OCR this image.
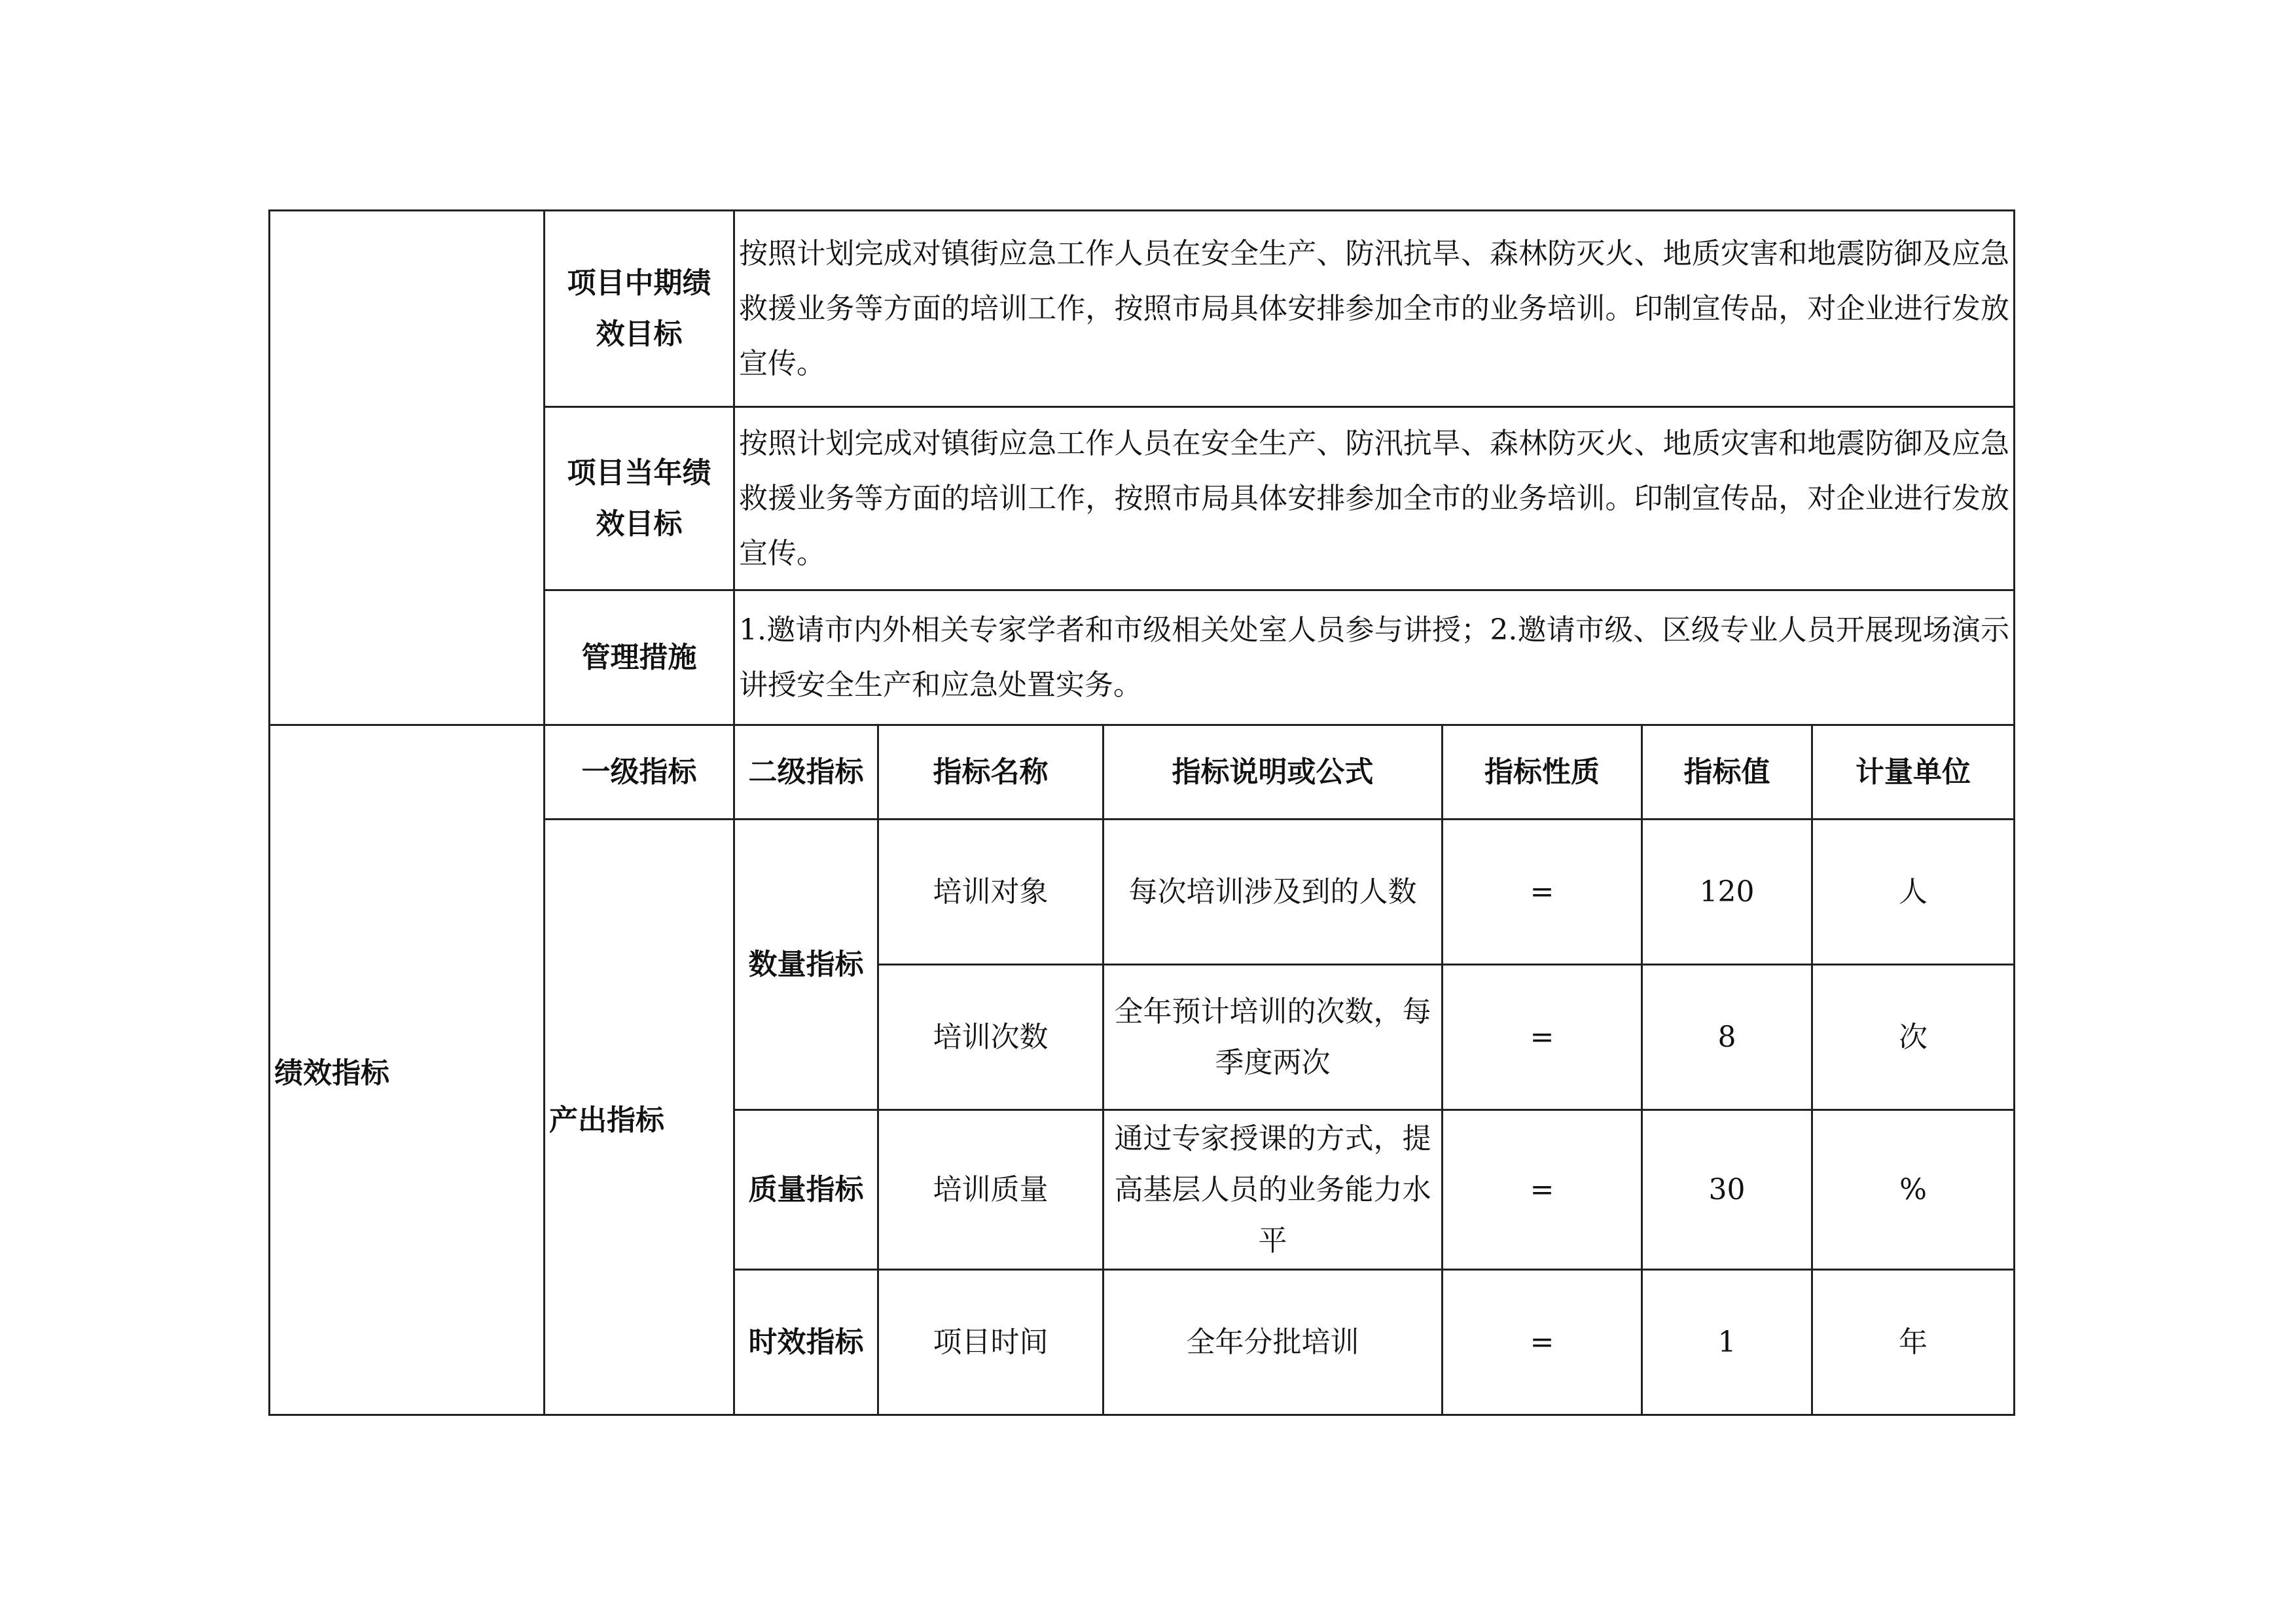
	项目中期绩效目标	按照计划完成对镇街应急工作人员在安全生产、防汛抗旱、森林防灭火、地质灾害和地震防御及应急救援业务等方面的培训工作，按照市局具体安排参加全市的业务培训。印制宣传品，对企业进行发放宣传。					
	项目当年绩效目标	按照计划完成对镇街应急工作人员在安全生产、防汛抗旱、森林防灭火、地质灾害和地震防御及应急救援业务等方面的培训工作，按照市局具体安排参加全市的业务培训。印制宣传品，对企业进行发放宣传。					
	管理措施	1.邀请市内外相关专家学者和市级相关处室人员参与讲授；2.邀请市级、区级专业人员开展现场演示讲授安全生产和应急处置实务。					
绩效指标	一级指标	二级指标	指标名称	指标说明或公式	指标性质	指标值	计量单位
	产出指标	数量指标	培训对象	每次培训涉及到的人数	=	120	人
			培训次数	全年预计培训的次数，每季度两次	=	8	次
		质量指标	培训质量	通过专家授课的方式，提高基层人员的业务能力水平	=	30	%
		时效指标	项目时间	全年分批培训	=	1	年
